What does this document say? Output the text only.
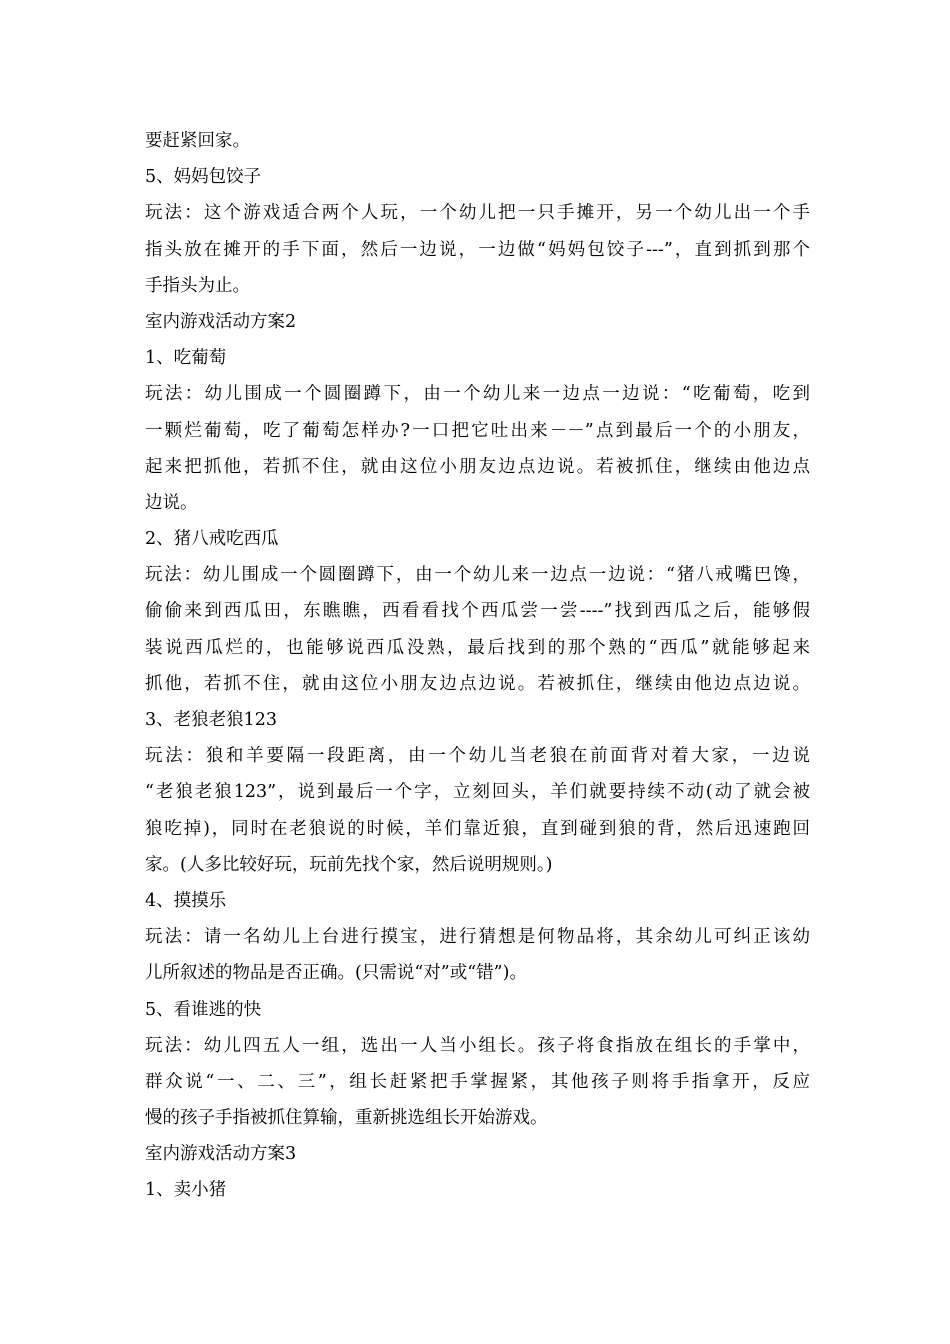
要赶紧回家。
5、妈妈包饺子
玩法：这个游戏适合两个人玩，一个幼儿把一只手摊开，另一个幼儿出一个手
指头放在摊开的手下面，然后一边说，一边做“妈妈包饺子---”，直到抓到那个
手指头为止。
室内游戏活动方案2
1、吃葡萄
玩法：幼儿围成一个圆圈蹲下，由一个幼儿来一边点一边说：“吃葡萄，吃到
一颗烂葡萄，吃了葡萄怎样办?一口把它吐出来－－”点到最后一个的小朋友，
起来把抓他，若抓不住，就由这位小朋友边点边说。若被抓住，继续由他边点
边说。
2、猪八戒吃西瓜
玩法：幼儿围成一个圆圈蹲下，由一个幼儿来一边点一边说：“猪八戒嘴巴馋，
偷偷来到西瓜田，东瞧瞧，西看看找个西瓜尝一尝----”找到西瓜之后，能够假
装说西瓜烂的，也能够说西瓜没熟，最后找到的那个熟的“西瓜”就能够起来
抓他，若抓不住，就由这位小朋友边点边说。若被抓住，继续由他边点边说。
3、老狼老狼123
玩法：狼和羊要隔一段距离，由一个幼儿当老狼在前面背对着大家，一边说
“老狼老狼123”，说到最后一个字，立刻回头，羊们就要持续不动(动了就会被
狼吃掉)，同时在老狼说的时候，羊们靠近狼，直到碰到狼的背，然后迅速跑回
家。(人多比较好玩，玩前先找个家，然后说明规则。)
4、摸摸乐
玩法：请一名幼儿上台进行摸宝，进行猜想是何物品将，其余幼儿可纠正该幼
儿所叙述的物品是否正确。(只需说“对”或“错”)。
5、看谁逃的快
玩法：幼儿四五人一组，选出一人当小组长。孩子将食指放在组长的手掌中，
群众说“一、二、三”，组长赶紧把手掌握紧，其他孩子则将手指拿开，反应
慢的孩子手指被抓住算输，重新挑选组长开始游戏。
室内游戏活动方案3
1、卖小猪
